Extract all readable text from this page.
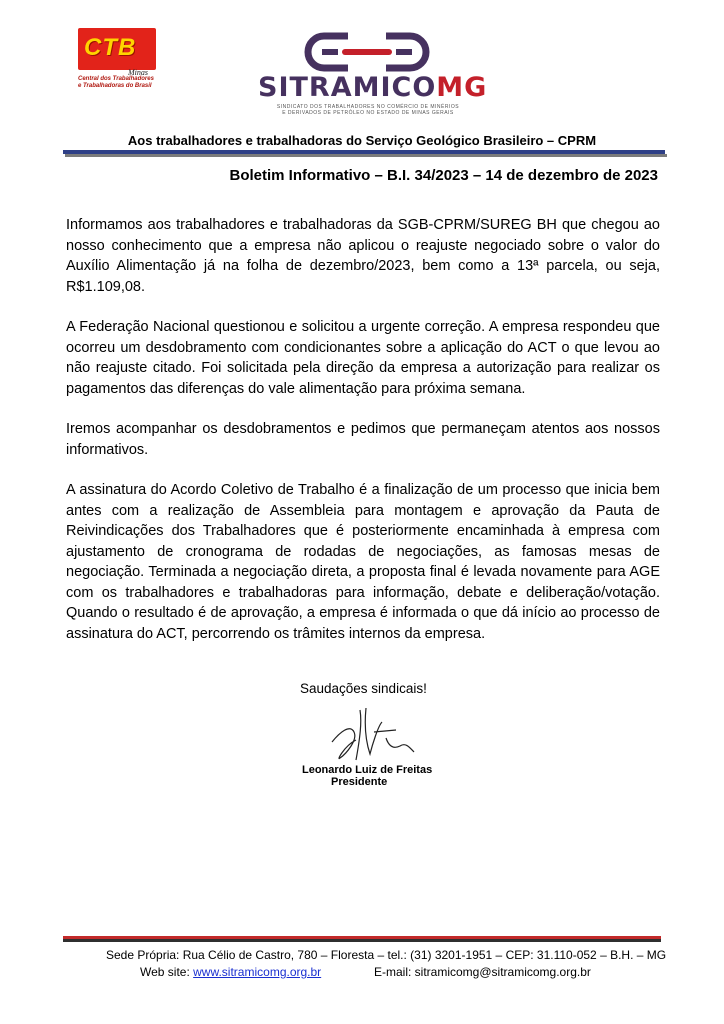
CTB
Minas
Central dos Trabalhadores
e Trabalhadoras do Brasil	SITRAMICOMG
SINDICATO DOS TRABALHADORES NO COMÉRCIO DE MINÉRIOS
E DERIVADOS DE PETRÓLEO NO ESTADO DE MINAS GERAIS
Aos trabalhadores e trabalhadoras do Serviço Geológico Brasileiro – CPRM
Boletim Informativo – B.I. 34/2023 – 14 de dezembro de 2023

Informamos aos trabalhadores e trabalhadoras da SGB-CPRM/SUREG BH que chegou ao nosso conhecimento que a empresa não aplicou o reajuste negociado sobre o valor do Auxílio Alimentação já na folha de dezembro/2023, bem como a 13ª parcela, ou seja, R$1.109,08.

A Federação Nacional questionou e solicitou a urgente correção. A empresa respondeu que ocorreu um desdobramento com condicionantes sobre a aplicação do ACT o que levou ao não reajuste citado. Foi solicitada pela direção da empresa a autorização para realizar os pagamentos das diferenças do vale alimentação para próxima semana.

Iremos acompanhar os desdobramentos e pedimos que permaneçam atentos aos nossos informativos.

A assinatura do Acordo Coletivo de Trabalho é a finalização de um processo que inicia bem antes com a realização de Assembleia para montagem e aprovação da Pauta de Reivindicações dos Trabalhadores que é posteriormente encaminhada à empresa com ajustamento de cronograma de rodadas de negociações, as famosas mesas de negociação. Terminada a negociação direta, a proposta final é levada novamente para AGE com os trabalhadores e trabalhadoras para informação, debate e deliberação/votação. Quando o resultado é de aprovação, a empresa é informada o que dá início ao processo de assinatura do ACT, percorrendo os trâmites internos da empresa.

Saudações sindicais!
Leonardo Luiz de Freitas
Presidente
Sede Própria: Rua Célio de Castro, 780 – Floresta – tel.: (31) 3201-1951 – CEP: 31.110-052 – B.H. – MG
Web site: www.sitramicomg.org.br	E-mail: sitramicomg@sitramicomg.org.br
